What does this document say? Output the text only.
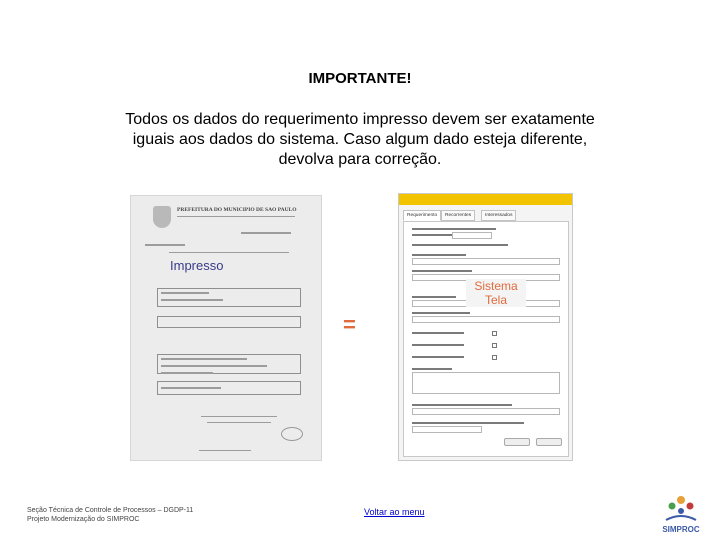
IMPORTANTE!
Todos os dados do requerimento impresso devem ser exatamente iguais aos dados do sistema. Caso algum dado esteja diferente, devolva para correção.
PREFEITURA DO MUNICIPIO DE SAO PAULO
Impresso
=
Requerimento	Recorrentes	Interessados
Sistema Tela
Seção Técnica de Controle de Processos – DGDP-11
Projeto Modernização do SIMPROC
Voltar ao menu
SIMPROC
